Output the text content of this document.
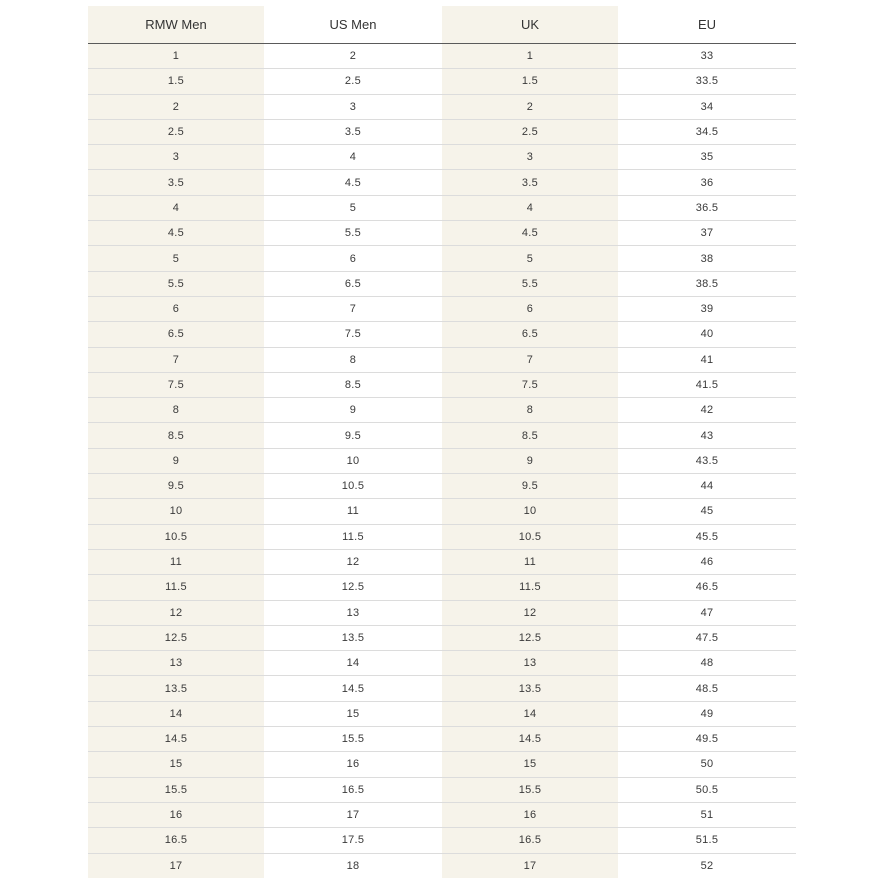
RMW Men	US Men	UK	EU
1	2	1	33
1.5	2.5	1.5	33.5
2	3	2	34
2.5	3.5	2.5	34.5
3	4	3	35
3.5	4.5	3.5	36
4	5	4	36.5
4.5	5.5	4.5	37
5	6	5	38
5.5	6.5	5.5	38.5
6	7	6	39
6.5	7.5	6.5	40
7	8	7	41
7.5	8.5	7.5	41.5
8	9	8	42
8.5	9.5	8.5	43
9	10	9	43.5
9.5	10.5	9.5	44
10	11	10	45
10.5	11.5	10.5	45.5
11	12	11	46
11.5	12.5	11.5	46.5
12	13	12	47
12.5	13.5	12.5	47.5
13	14	13	48
13.5	14.5	13.5	48.5
14	15	14	49
14.5	15.5	14.5	49.5
15	16	15	50
15.5	16.5	15.5	50.5
16	17	16	51
16.5	17.5	16.5	51.5
17	18	17	52
